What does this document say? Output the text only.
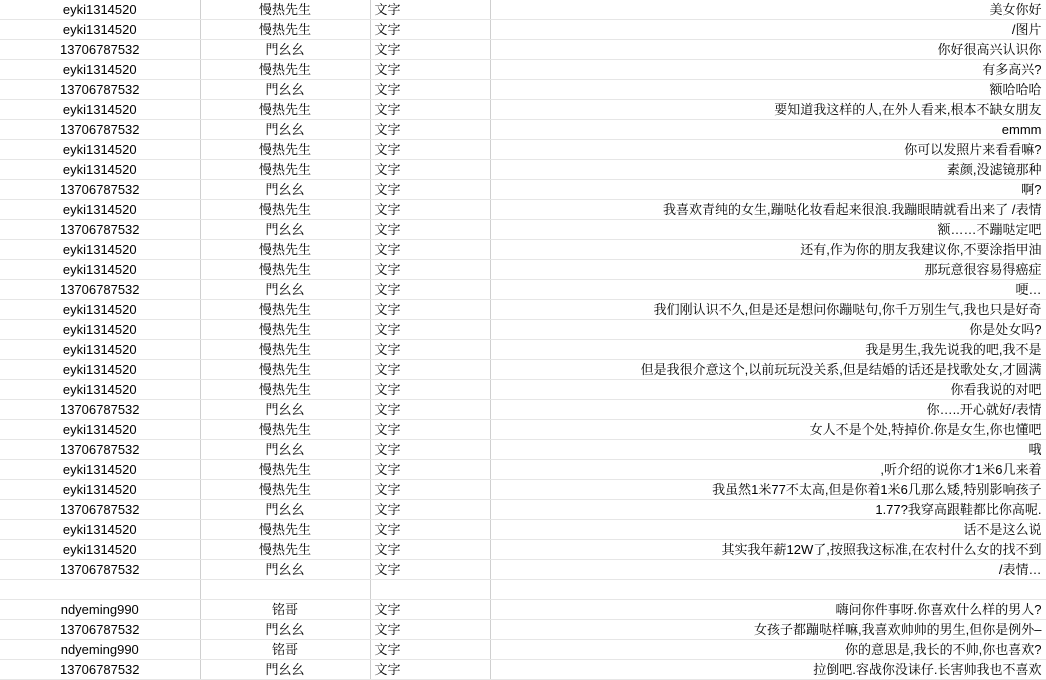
eyki1314520	慢热先生	文字	美女你好
eyki1314520	慢热先生	文字	/图片
13706787532	門幺幺	文字	你好很高兴认识你
eyki1314520	慢热先生	文字	有多高兴?
13706787532	門幺幺	文字	额哈哈哈
eyki1314520	慢热先生	文字	要知道我这样的人,在外人看来,根本不缺女朋友
13706787532	門幺幺	文字	emmm
eyki1314520	慢热先生	文字	你可以发照片来看看嘛?
eyki1314520	慢热先生	文字	素颜,没滤镜那种
13706787532	門幺幺	文字	啊?
eyki1314520	慢热先生	文字	我喜欢青纯的女生,蹦哒化妆看起来很浪.我蹦眼睛就看出来了 /表情
13706787532	門幺幺	文字	额……不蹦哒定吧
eyki1314520	慢热先生	文字	还有,作为你的朋友我建议你,不要涂指甲油
eyki1314520	慢热先生	文字	那玩意很容易得癌症
13706787532	門幺幺	文字	哽…
eyki1314520	慢热先生	文字	我们刚认识不久,但是还是想问你蹦哒句,你千万别生气,我也只是好奇
eyki1314520	慢热先生	文字	你是处女吗?
eyki1314520	慢热先生	文字	我是男生,我先说我的吧,我不是
eyki1314520	慢热先生	文字	但是我很介意这个,以前玩玩没关系,但是结婚的话还是找歌处女,才圆满
eyki1314520	慢热先生	文字	你看我说的对吧
13706787532	門幺幺	文字	你…..开心就好/表情
eyki1314520	慢热先生	文字	女人不是个处,特掉价.你是女生,你也懂吧
13706787532	門幺幺	文字	哦
eyki1314520	慢热先生	文字	,听介绍的说你才1米6几来着
eyki1314520	慢热先生	文字	我虽然1米77不太高,但是你着1米6几那么矮,特别影响孩子
13706787532	門幺幺	文字	1.77?我穿高跟鞋都比你高呢.
eyki1314520	慢热先生	文字	话不是这么说
eyki1314520	慢热先生	文字	其实我年薪12W了,按照我这标准,在农村什么女的找不到
13706787532	門幺幺	文字	/表情…

ndyeming990	铭哥	文字	嗨问你件事呀.你喜欢什么样的男人?
13706787532	門幺幺	文字	女孩子都蹦哒样嘛,我喜欢帅帅的男生,但你是例外–
ndyeming990	铭哥	文字	你的意思是,我长的不帅,你也喜欢?
13706787532	門幺幺	文字	拉倒吧.容战你没诔仔.长害帅我也不喜欢
